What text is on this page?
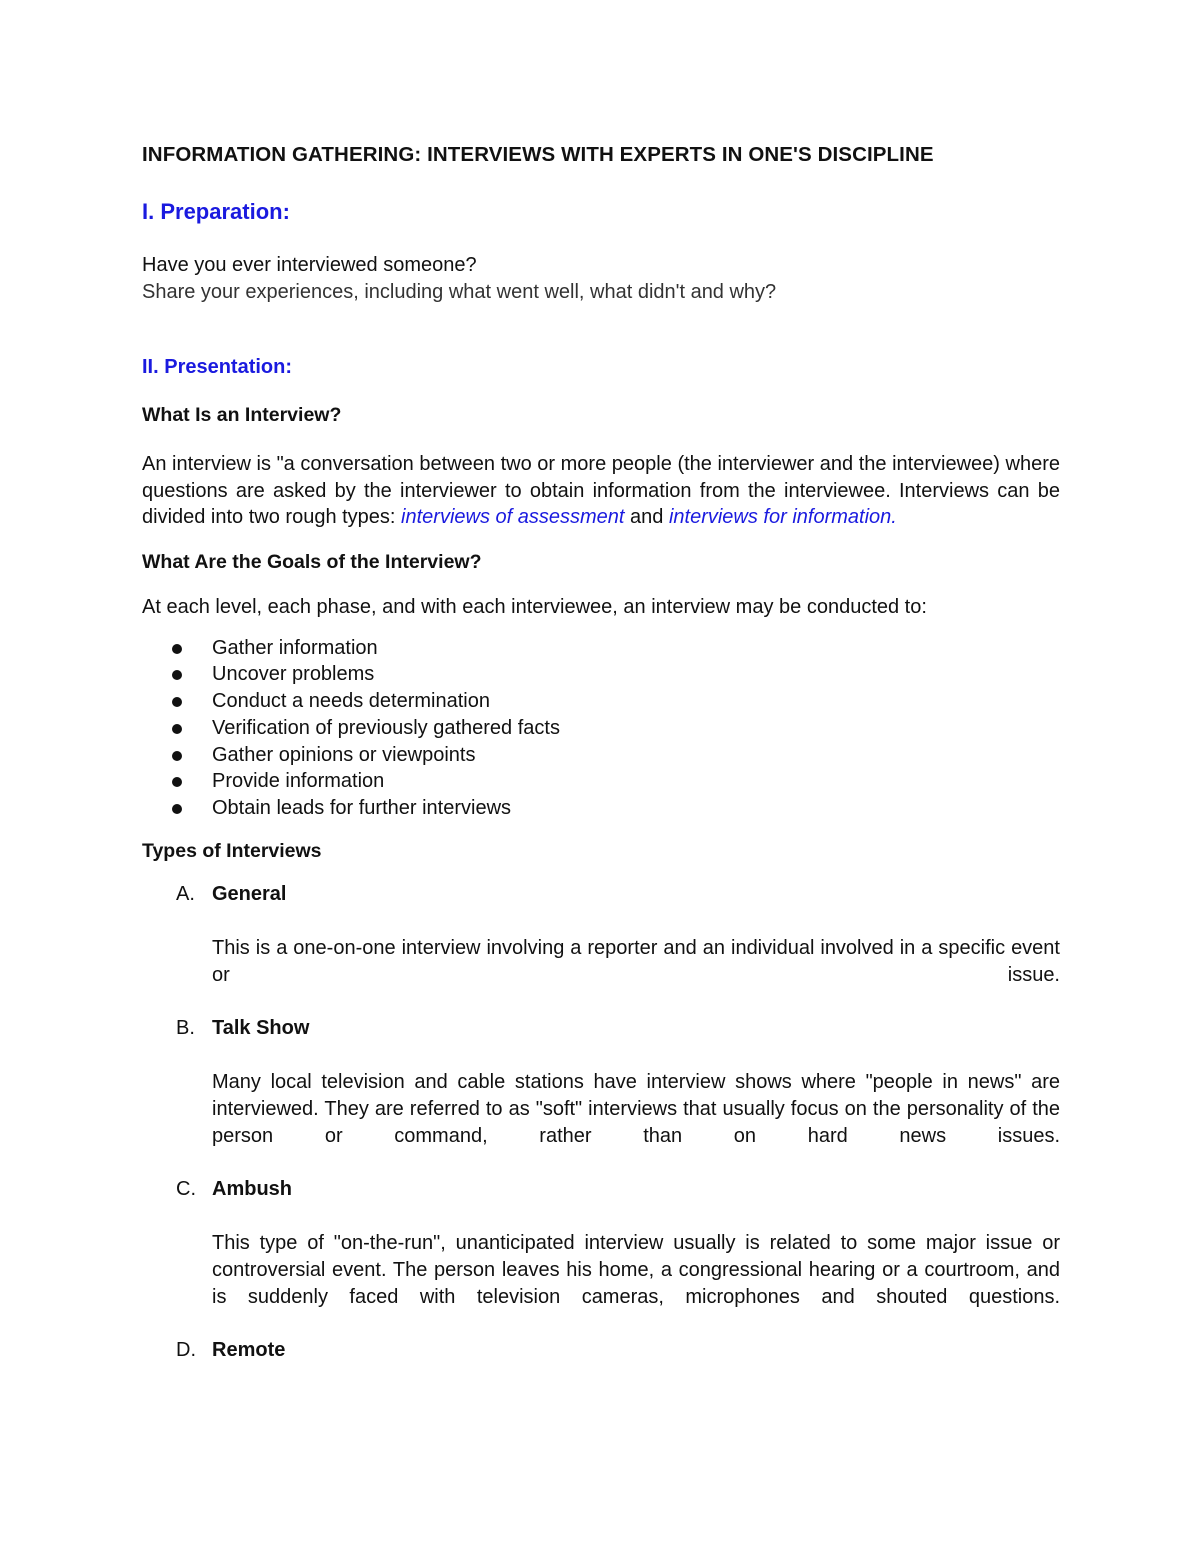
INFORMATION GATHERING: INTERVIEWS WITH EXPERTS IN ONE'S DISCIPLINE
I. Preparation:

Have you ever interviewed someone?

Share your experiences, including what went well, what didn't and why?

II. Presentation:
What Is an Interview?

An interview is "a conversation between two or more people (the interviewer and the interviewee) where questions are asked by the interviewer to obtain information from the interviewee. Interviews can be divided into two rough types: interviews of assessment and interviews for information.

What Are the Goals of the Interview?

At each level, each phase, and with each interviewee, an interview may be conducted to:

Gather information
Uncover problems
Conduct a needs determination
Verification of previously gathered facts
Gather opinions or viewpoints
Provide information
Obtain leads for further interviews
Types of Interviews

A. General

This is a one-on-one interview involving a reporter and an individual involved in a specific event or issue.

B. Talk Show

Many local television and cable stations have interview shows where "people in news" are interviewed. They are referred to as "soft" interviews that usually focus on the personality of the person or command, rather than on hard news issues.

C. Ambush

This type of "on-the-run", unanticipated interview usually is related to some major issue or controversial event. The person leaves his home, a congressional hearing or a courtroom, and is suddenly faced with television cameras, microphones and shouted questions.

D. Remote
